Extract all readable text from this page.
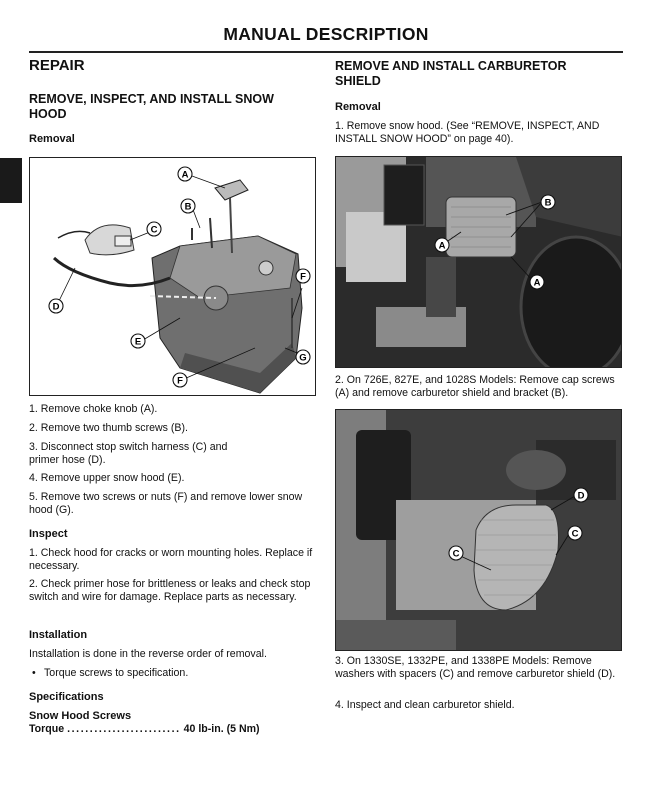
MANUAL DESCRIPTION
REPAIR
REMOVE, INSPECT, AND INSTALL SNOW HOOD
Removal
A
B
C
D
E
F
G
F
1. Remove choke knob (A).
2. Remove two thumb screws (B).
3. Disconnect stop switch harness (C) and primer hose (D).
4. Remove upper snow hood (E).
5. Remove two screws or nuts (F) and remove lower snow hood (G).
Inspect
1. Check hood for cracks or worn mounting holes. Replace if necessary.
2. Check primer hose for brittleness or leaks and check stop switch and wire for damage. Replace parts as necessary.
Installation
Installation is done in the reverse order of removal.
• Torque screws to specification.
Specifications
Snow Hood Screws
Torque ......................... 40 lb-in. (5 Nm)
REMOVE AND INSTALL CARBURETOR SHIELD
Removal
1. Remove snow hood. (See “REMOVE, INSPECT, AND INSTALL SNOW HOOD” on page 40).
B
A
A
2. On 726E, 827E, and 1028S Models: Remove cap screws (A) and remove carburetor shield and bracket (B).
D
C
C
3. On 1330SE, 1332PE, and 1338PE Models: Remove washers with spacers (C) and remove carburetor shield (D).
4. Inspect and clean carburetor shield.
